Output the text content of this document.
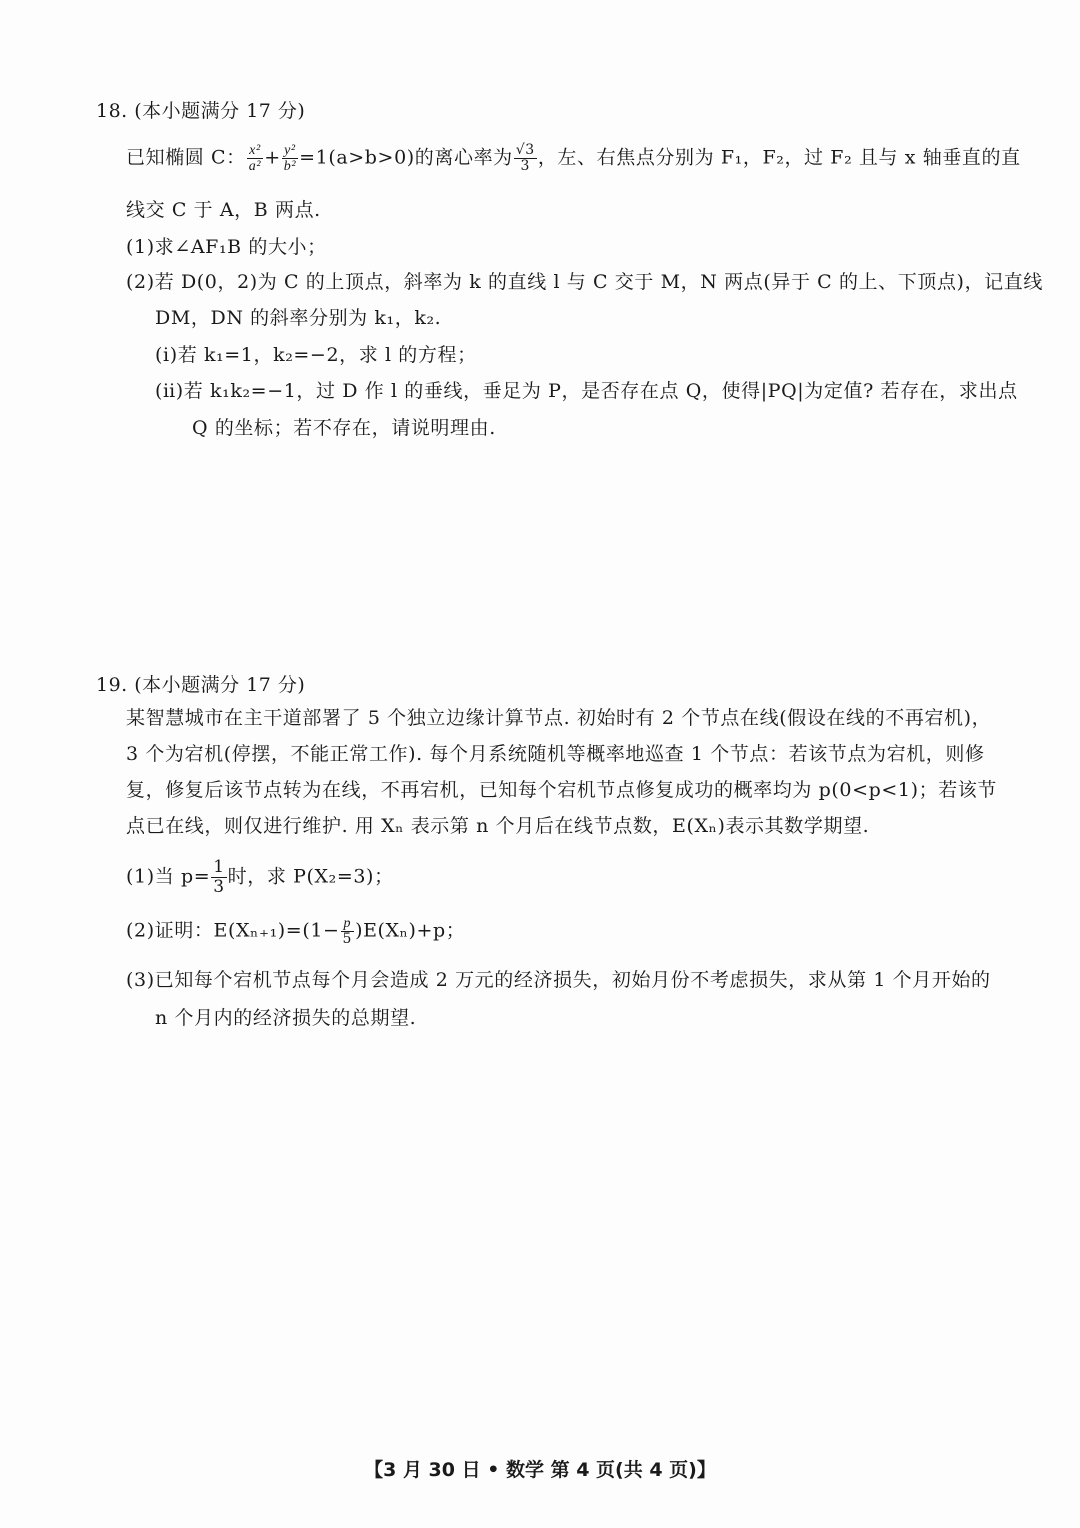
18. (本小题满分 17 分)
已知椭圆 C： $\frac{\text{x²}}{\text{a²}} + \frac{\text{y²}}{\text{b²}} =1(a>b>0)$的离心率为 $\frac{√3}{3}$ ，左、右焦点分别为 F₁，F₂，过 F₂ 且与 x 轴垂直的直
线交 C 于 A，B 两点.
(1)求∠AF₁B 的大小；
(2)若 D(0，2)为 C 的上顶点，斜率为 k 的直线 l 与 C 交于 M，N 两点(异于 C 的上、下顶点)，记直线
DM，DN 的斜率分别为 k₁，k₂.
(ⅰ)若 k₁=1，k₂=−2，求 l 的方程；
(ⅱ)若 k₁k₂=−1，过 D 作 l 的垂线，垂足为 P，是否存在点 Q，使得|PQ|为定值? 若存在，求出点
Q 的坐标；若不存在，请说明理由.
19. (本小题满分 17 分)
某智慧城市在主干道部署了 5 个独立边缘计算节点. 初始时有 2 个节点在线(假设在线的不再宕机)，
3 个为宕机(停摆，不能正常工作). 每个月系统随机等概率地巡查 1 个节点：若该节点为宕机，则修
复，修复后该节点转为在线，不再宕机，已知每个宕机节点修复成功的概率均为 p(0<p<1)；若该节
点已在线，则仅进行维护. 用 Xₙ 表示第 n 个月后在线节点数，E(Xₙ)表示其数学期望.
(1)当 $p= \frac{1}{3}$ 时，求 P(X₂=3)；
(2)证明：$E(X_{n+1})=(1- \frac{p}{5} )E(X_n)+p$；
(3)已知每个宕机节点每个月会造成 2 万元的经济损失，初始月份不考虑损失，求从第 1 个月开始的
n 个月内的经济损失的总期望.
【3 月 30 日 • 数学 第 4 页(共 4 页)】
